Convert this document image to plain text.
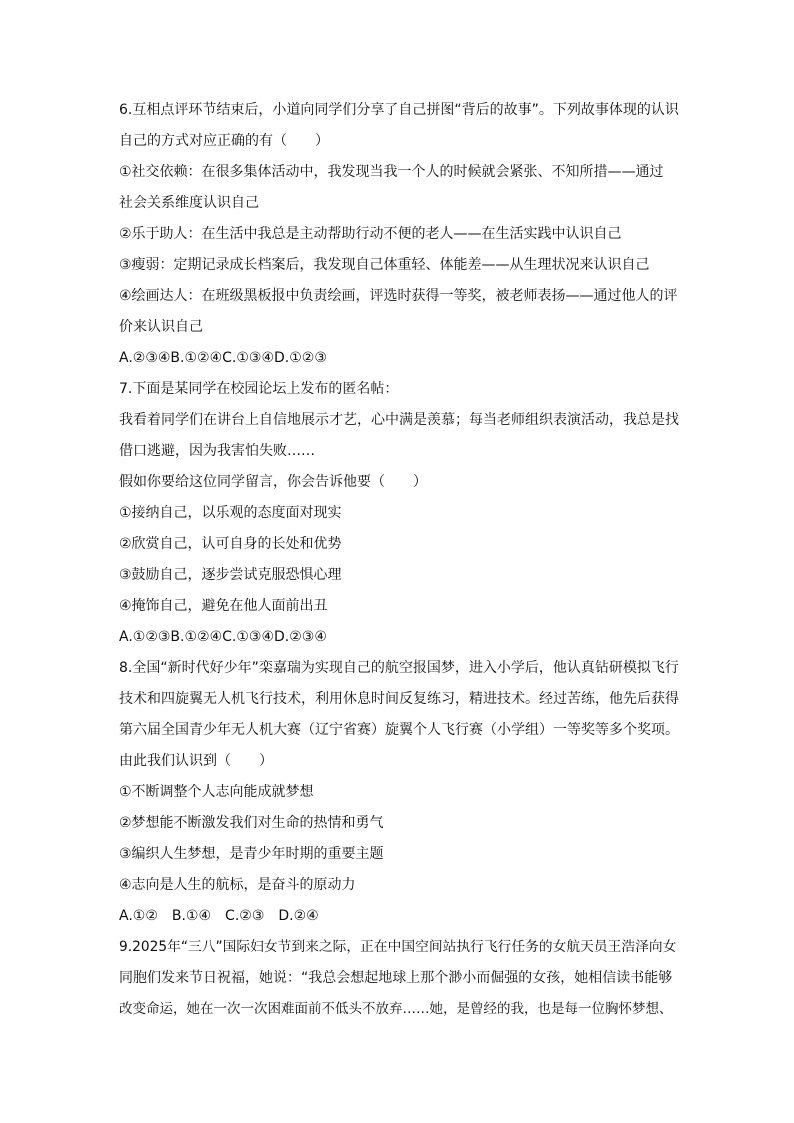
6.互相点评环节结束后，小道向同学们分享了自己拼图“背后的故事”。下列故事体现的认识
自己的方式对应正确的有（　　）
①社交依赖：在很多集体活动中，我发现当我一个人的时候就会紧张、不知所措——通过
社会关系维度认识自己
②乐于助人：在生活中我总是主动帮助行动不便的老人——在生活实践中认识自己
③瘦弱：定期记录成长档案后，我发现自己体重轻、体能差——从生理状况来认识自己
④绘画达人：在班级黑板报中负责绘画，评选时获得一等奖，被老师表扬——通过他人的评
价来认识自己
A.②③④B.①②④C.①③④D.①②③
7.下面是某同学在校园论坛上发布的匿名帖：
我看着同学们在讲台上自信地展示才艺，心中满是羡慕；每当老师组织表演活动，我总是找
借口逃避，因为我害怕失败……
假如你要给这位同学留言，你会告诉他要（　　）
①接纳自己，以乐观的态度面对现实
②欣赏自己，认可自身的长处和优势
③鼓励自己，逐步尝试克服恐惧心理
④掩饰自己，避免在他人面前出丑
A.①②③B.①②④C.①③④D.②③④
8.全国“新时代好少年”栾嘉瑞为实现自己的航空报国梦，进入小学后，他认真钻研模拟飞行
技术和四旋翼无人机飞行技术，利用休息时间反复练习，精进技术。经过苦练，他先后获得
第六届全国青少年无人机大赛（辽宁省赛）旋翼个人飞行赛（小学组）一等奖等多个奖项。
由此我们认识到（　　）
①不断调整个人志向能成就梦想
②梦想能不断激发我们对生命的热情和勇气
③编织人生梦想，是青少年时期的重要主题
④志向是人生的航标，是奋斗的原动力
A.①②　B.①④　C.②③　D.②④
9.2025年“三八”国际妇女节到来之际，正在中国空间站执行飞行任务的女航天员王浩泽向女
同胞们发来节日祝福，她说：“我总会想起地球上那个渺小而倔强的女孩，她相信读书能够
改变命运，她在一次一次困难面前不低头不放弃……她，是曾经的我，也是每一位胸怀梦想、
